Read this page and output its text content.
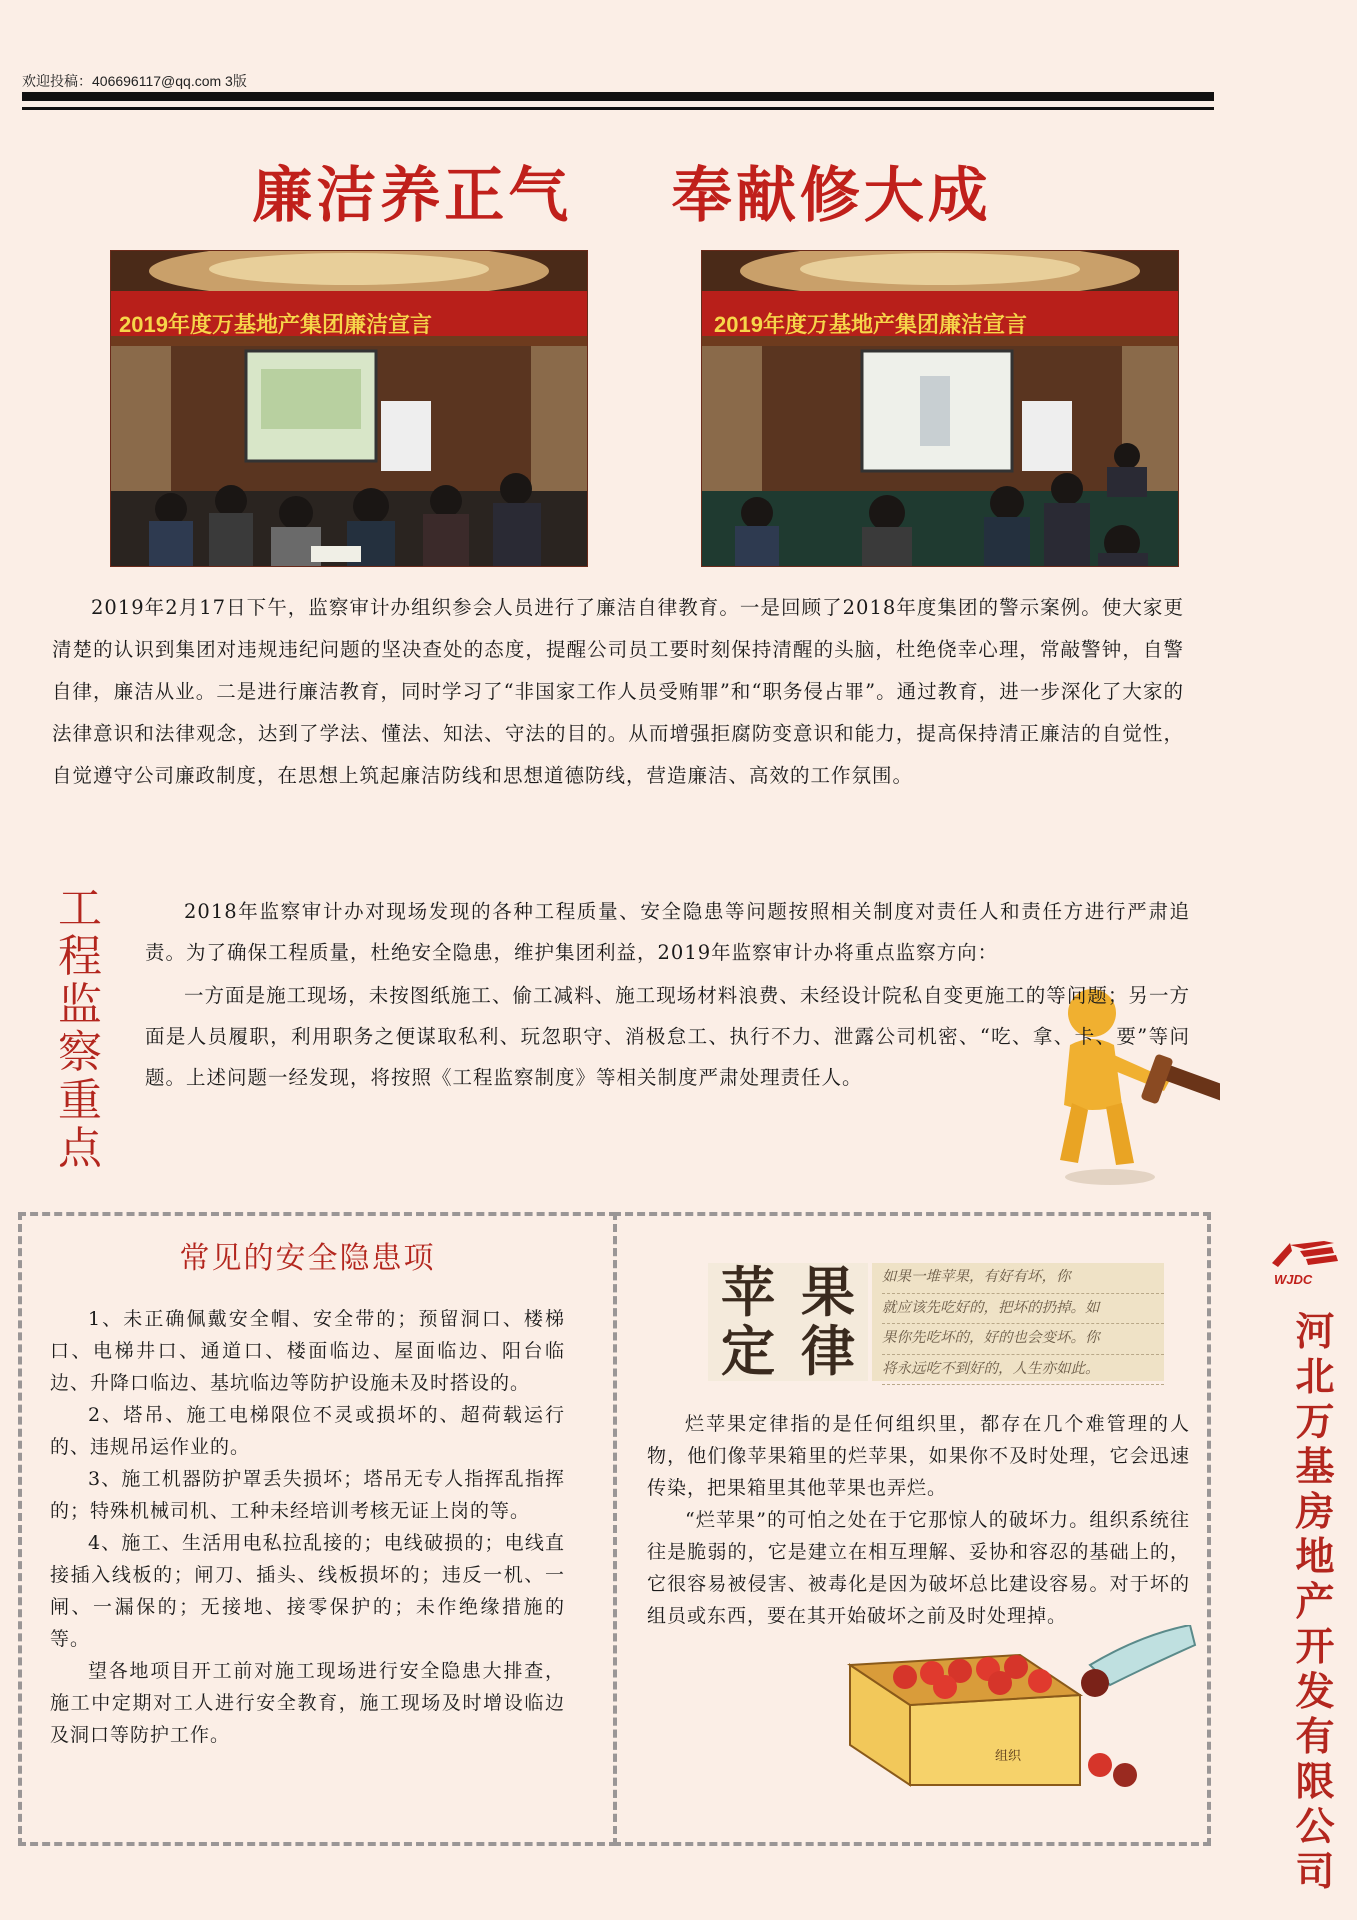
欢迎投稿：406696117@qq.com 3版
廉洁养正气    奉献修大成
2019年度万基地产集团廉洁宣言	2019年度万基地产集团廉洁宣言

2019年2月17日下午，监察审计办组织参会人员进行了廉洁自律教育。一是回顾了2018年度集团的警示案例。使大家更清楚的认识到集团对违规违纪问题的坚决查处的态度，提醒公司员工要时刻保持清醒的头脑，杜绝侥幸心理，常敲警钟，自警自律，廉洁从业。二是进行廉洁教育，同时学习了“非国家工作人员受贿罪”和“职务侵占罪”。通过教育，进一步深化了大家的法律意识和法律观念，达到了学法、懂法、知法、守法的目的。从而增强拒腐防变意识和能力，提高保持清正廉洁的自觉性，自觉遵守公司廉政制度，在思想上筑起廉洁防线和思想道德防线，营造廉洁、高效的工作氛围。

工
程
监
察
重
点

2018年监察审计办对现场发现的各种工程质量、安全隐患等问题按照相关制度对责任人和责任方进行严肃追责。为了确保工程质量，杜绝安全隐患，维护集团利益，2019年监察审计办将重点监察方向：

一方面是施工现场，未按图纸施工、偷工减料、施工现场材料浪费、未经设计院私自变更施工的等问题；另一方面是人员履职，利用职务之便谋取私利、玩忽职守、消极怠工、执行不力、泄露公司机密、“吃、拿、卡、要”等问题。上述问题一经发现，将按照《工程监察制度》等相关制度严肃处理责任人。

常见的安全隐患项

1、未正确佩戴安全帽、安全带的；预留洞口、楼梯口、电梯井口、通道口、楼面临边、屋面临边、阳台临边、升降口临边、基坑临边等防护设施未及时搭设的。

2、塔吊、施工电梯限位不灵或损坏的、超荷载运行的、违规吊运作业的。

3、施工机器防护罩丢失损坏；塔吊无专人指挥乱指挥的；特殊机械司机、工种未经培训考核无证上岗的等。

4、施工、生活用电私拉乱接的；电线破损的；电线直接插入线板的；闸刀、插头、线板损坏的；违反一机、一闸、一漏保的；无接地、接零保护的；未作绝缘措施的等。

望各地项目开工前对施工现场进行安全隐患大排查，施工中定期对工人进行安全教育，施工现场及时增设临边及洞口等防护工作。

苹 果
定 律
如果一堆苹果，有好有坏，你
就应该先吃好的，把坏的扔掉。如
果你先吃坏的，好的也会变坏。你
将永远吃不到好的，人生亦如此。

烂苹果定律指的是任何组织里，都存在几个难管理的人物，他们像苹果箱里的烂苹果，如果你不及时处理，它会迅速传染，把果箱里其他苹果也弄烂。

“烂苹果”的可怕之处在于它那惊人的破坏力。组织系统往往是脆弱的，它是建立在相互理解、妥协和容忍的基础上的，它很容易被侵害、被毒化是因为破坏总比建设容易。对于坏的组员或东西，要在其开始破坏之前及时处理掉。

组织
WJDC
河
北
万
基
房
地
产
开
发
有
限
公
司
